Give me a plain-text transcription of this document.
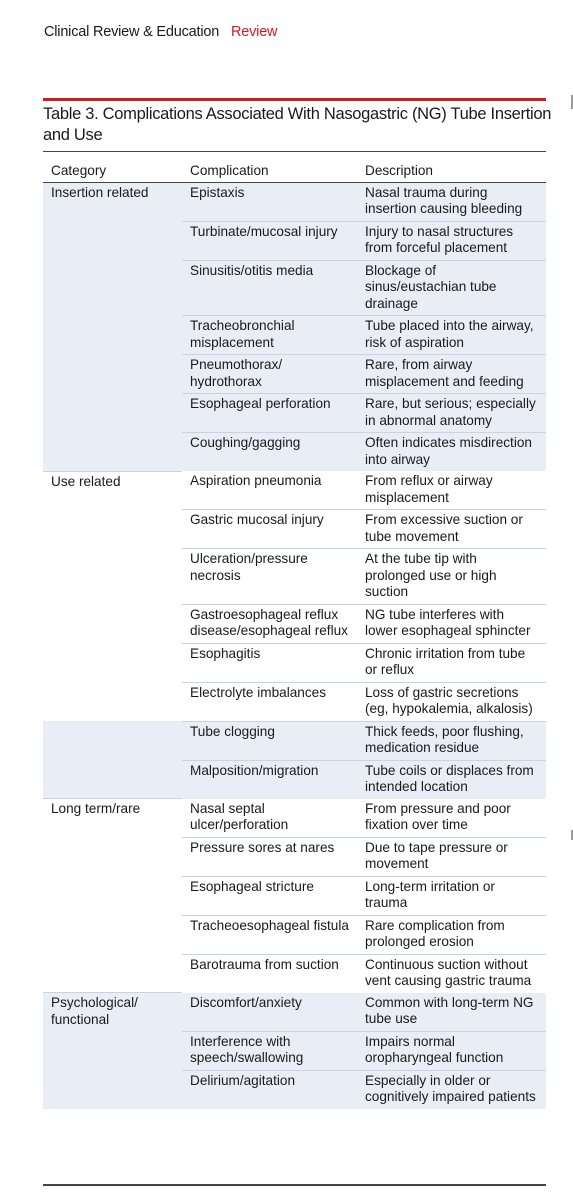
Clinical Review & Education Review
Table 3. Complications Associated With Nasogastric (NG) Tube Insertion and Use
Category	Complication	Description
Insertion related	Epistaxis	Nasal trauma during insertion causing bleeding
	Turbinate/mucosal injury	Injury to nasal structures from forceful placement
	Sinusitis/otitis media	Blockage of sinus/eustachian tube drainage
	Tracheobronchial misplacement	Tube placed into the airway, risk of aspiration
	Pneumothorax/ hydrothorax	Rare, from airway misplacement and feeding
	Esophageal perforation	Rare, but serious; especially in abnormal anatomy
	Coughing/gagging	Often indicates misdirection into airway
Use related	Aspiration pneumonia	From reflux or airway misplacement
	Gastric mucosal injury	From excessive suction or tube movement
	Ulceration/pressure necrosis	At the tube tip with prolonged use or high suction
	Gastroesophageal reflux disease/esophageal reflux	NG tube interferes with lower esophageal sphincter
	Esophagitis	Chronic irritation from tube or reflux
	Electrolyte imbalances	Loss of gastric secretions (eg, hypokalemia, alkalosis)
	Tube clogging	Thick feeds, poor flushing, medication residue
	Malposition/migration	Tube coils or displaces from intended location
Long term/rare	Nasal septal ulcer/perforation	From pressure and poor fixation over time
	Pressure sores at nares	Due to tape pressure or movement
	Esophageal stricture	Long-term irritation or trauma
	Tracheoesophageal fistula	Rare complication from prolonged erosion
	Barotrauma from suction	Continuous suction without vent causing gastric trauma
Psychological/ functional	Discomfort/anxiety	Common with long-term NG tube use
	Interference with speech/swallowing	Impairs normal oropharyngeal function
	Delirium/agitation	Especially in older or cognitively impaired patients
